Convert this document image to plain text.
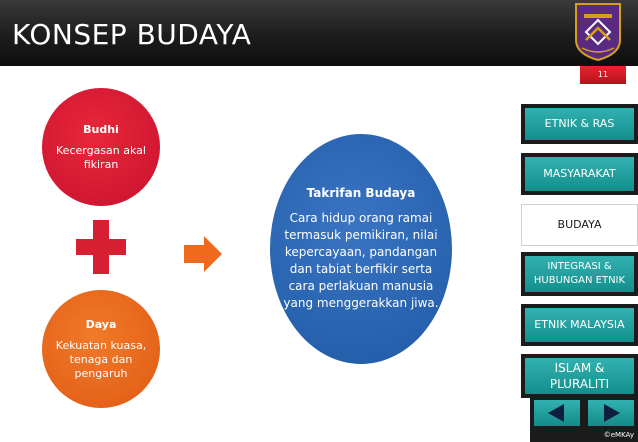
KONSEP BUDAYA
11
Budhi
Kecergasan akal fikiran
Daya
Kekuatan kuasa, tenaga dan pengaruh
Takrifan Budaya
Cara hidup orang ramai termasuk pemikiran, nilai kepercayaan, pandangan dan tabiat berfikir serta cara perlakuan manusia yang menggerakkan jiwa.
ETNIK & RAS
MASYARAKAT
BUDAYA
INTEGRASI & HUBUNGAN ETNIK
ETNIK MALAYSIA
ISLAM & PLURALITI
©eMKAy
